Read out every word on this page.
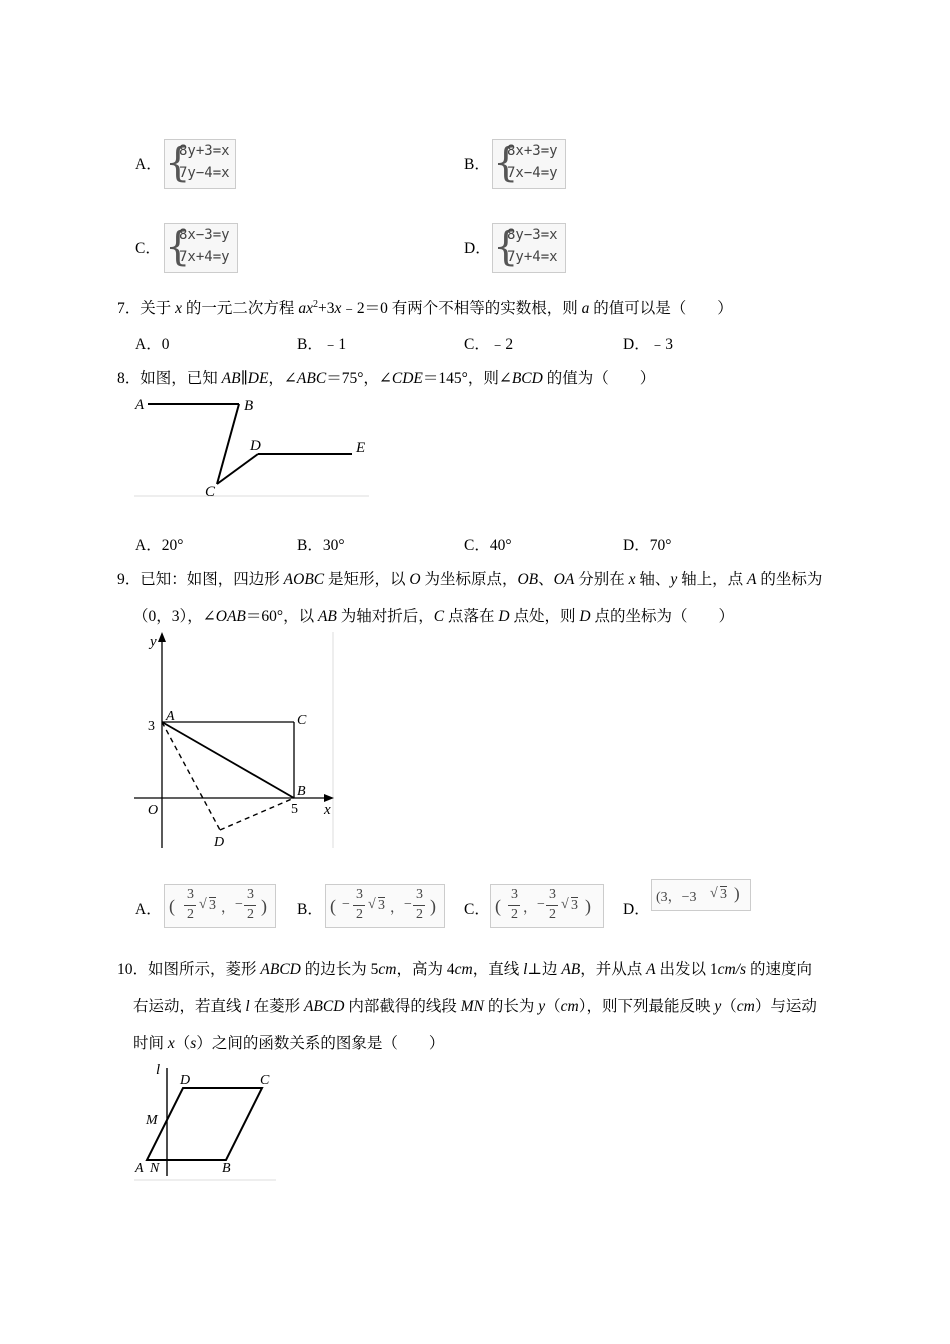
A． {
8y+3=x
7y−4=x	B． {
8x+3=y
7x−4=y
C． {
8x−3=y
7x+4=y	D． {
8y−3=x
7y+4=x
7．关于 x 的一元二次方程 $ax^2+3x﹣2=0$ 有两个不相等的实数根，则 a 的值可以是（　　）
A．0	B．﹣1	C．﹣2	D．﹣3
8．如图，已知 AB∥DE，∠ABC＝75°，∠CDE＝145°，则∠BCD 的值为（　　）
A	B
D	E
C
A．20°	B．30°	C．40°	D．70°
9．已知：如图，四边形 AOBC 是矩形，以 O 为坐标原点，OB、OA 分别在 x 轴、y 轴上，点 A 的坐标为
（0，3），∠OAB＝60°，以 AB 为轴对折后，C 点落在 D 点处，则 D 点的坐标为（　　）
y
x
A
3	C
O
B
5
D
A． (
3
2
√ 3 ， −
3
2 ) B． ( −
3
2
√ 3 ， −
3
2 ) C． (
3
2 ， −
3
2
√ 3 ) D．
(3，−3 √ 3 )
10．如图所示，菱形 ABCD 的边长为 5cm，高为 4cm，直线 l⊥边 AB，并从点 A 出发以 1cm/s 的速度向
右运动，若直线 l 在菱形 ABCD 内部截得的线段 MN 的长为 y（cm），则下列最能反映 y（cm）与运动
时间 x（s）之间的函数关系的图象是（　　）
l
D	C
M
A N	B
